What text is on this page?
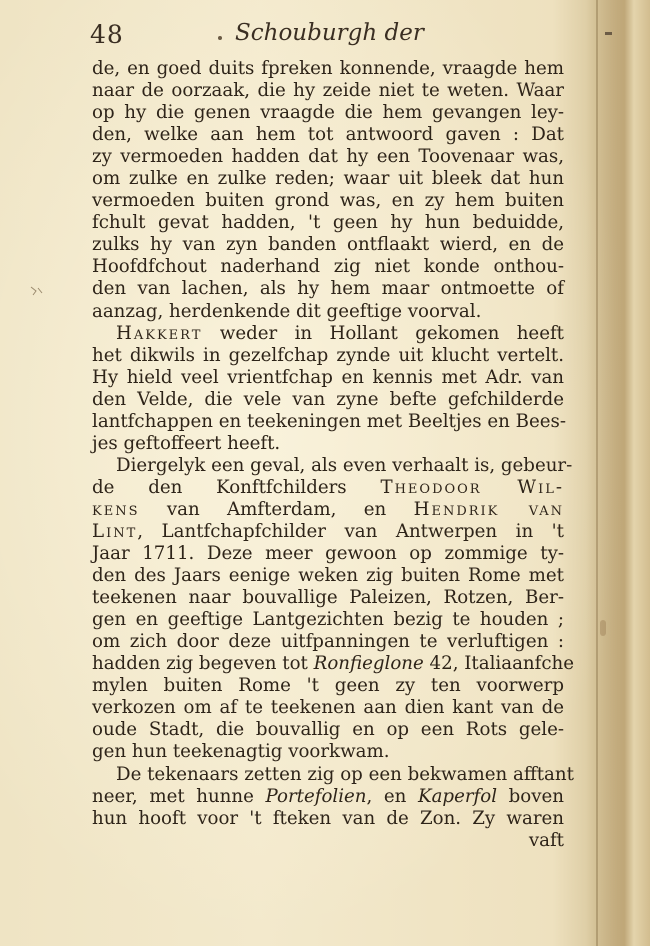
48	Schouburgh der
de, en goed duits fpreken konnende, vraagde hem
naar de oorzaak, die hy zeide niet te weten. Waar
op hy die genen vraagde die hem gevangen ley-
den, welke aan hem tot antwoord gaven : Dat
zy vermoeden hadden dat hy een Toovenaar was,
om zulke en zulke reden; waar uit bleek dat hun
vermoeden buiten grond was, en zy hem buiten
fchult gevat hadden, 't geen hy hun beduidde,
zulks hy van zyn banden ontflaakt wierd, en de
Hoofdfchout naderhand zig niet konde onthou-
den van lachen, als hy hem maar ontmoette of
aanzag, herdenkende dit geeftige voorval.
Hakkert weder in Hollant gekomen heeft
het dikwils in gezelfchap zynde uit klucht vertelt.
Hy hield veel vrientfchap en kennis met Adr. van
den Velde, die vele van zyne befte gefchilderde
lantfchappen en teekeningen met Beeltjes en Bees-
jes geftoffeert heeft.
Diergelyk een geval, als even verhaalt is, gebeur-
de den Konftfchilders Theodoor Wil-
kens van Amfterdam, en Hendrik van
Lint, Lantfchapfchilder van Antwerpen in 't
Jaar 1711. Deze meer gewoon op zommige ty-
den des Jaars eenige weken zig buiten Rome met
teekenen naar bouvallige Paleizen, Rotzen, Ber-
gen en geeftige Lantgezichten bezig te houden ;
om zich door deze uitfpanningen te verluftigen :
hadden zig begeven tot Ronfieglone 42, Italiaanfche
mylen buiten Rome 't geen zy ten voorwerp
verkozen om af te teekenen aan dien kant van de
oude Stadt, die bouvallig en op een Rots gele-
gen hun teekenagtig voorkwam.
De tekenaars zetten zig op een bekwamen afftant
neer, met hunne Portefolien, en Kaperfol boven
hun hooft voor 't fteken van de Zon. Zy waren
vaft
